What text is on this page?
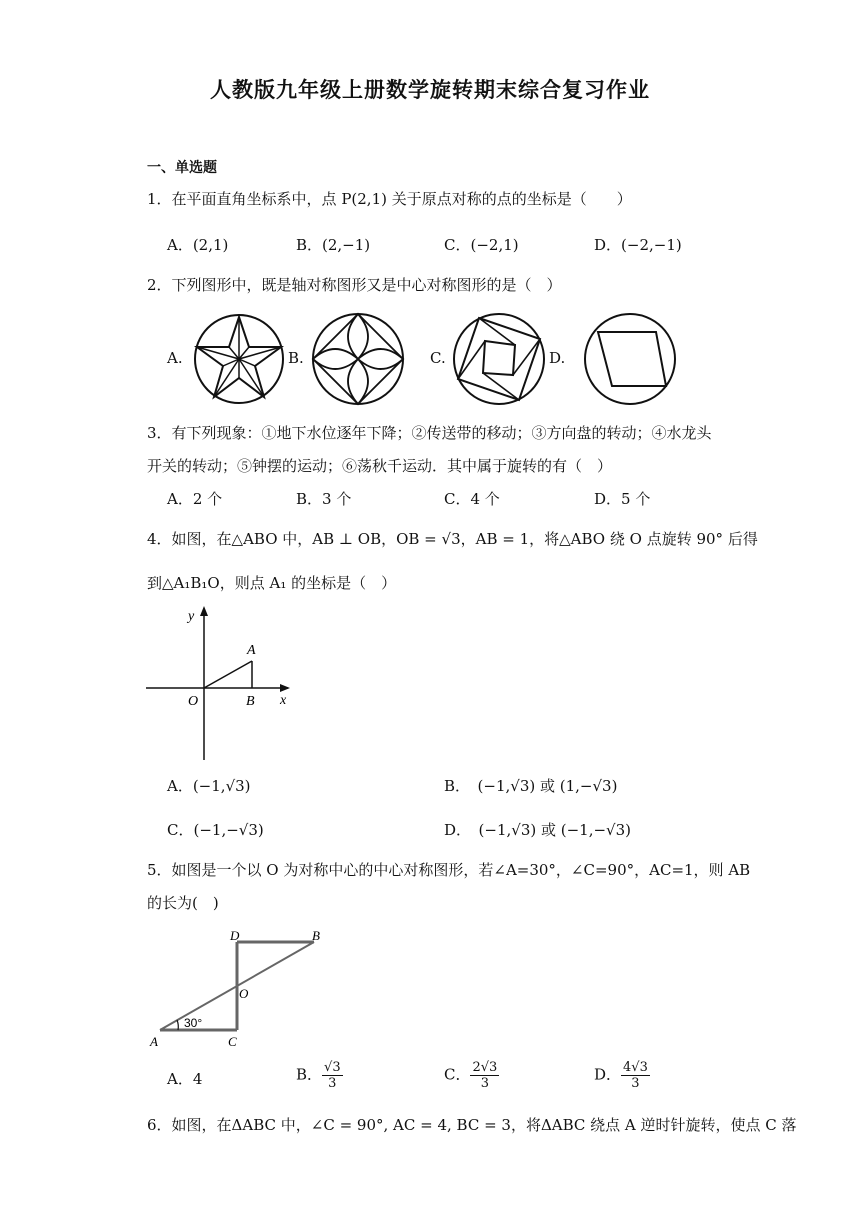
人教版九年级上册数学旋转期末综合复习作业
一、单选题
1．在平面直角坐标系中，点 P(2,1) 关于原点对称的点的坐标是（　　）
A．(2,1)	B．(2,−1)	C．(−2,1)	D．(−2,−1)
2．下列图形中，既是轴对称图形又是中心对称图形的是（　）
A.	B.	C.	D.
3．有下列现象：①地下水位逐年下降；②传送带的移动；③方向盘的转动；④水龙头
开关的转动；⑤钟摆的运动；⑥荡秋千运动．其中属于旋转的有（　）
A．2 个	B．3 个	C．4 个	D．5 个
4．如图，在△ABO 中，AB ⊥ OB，OB = √3，AB = 1，将△ABO 绕 O 点旋转 90° 后得
到△A₁B₁O，则点 A₁ 的坐标是（　）
y
x
O
A
B
A．(−1,√3)	B．　(−1,√3) 或 (1,−√3)
C．(−1,−√3)	D．　(−1,√3) 或 (−1,−√3)
5．如图是一个以 O 为对称中心的中心对称图形，若∠A=30°，∠C=90°，AC=1，则 AB
的长为(　)
D	B
O
A	C
30°
A．4	B． $\frac{√3}{3}$	C． $\frac{2√3}{3}$	D． $\frac{4√3}{3}$
6．如图，在ΔABC 中，∠C = 90°, AC = 4, BC = 3，将ΔABC 绕点 A 逆时针旋转，使点 C 落
